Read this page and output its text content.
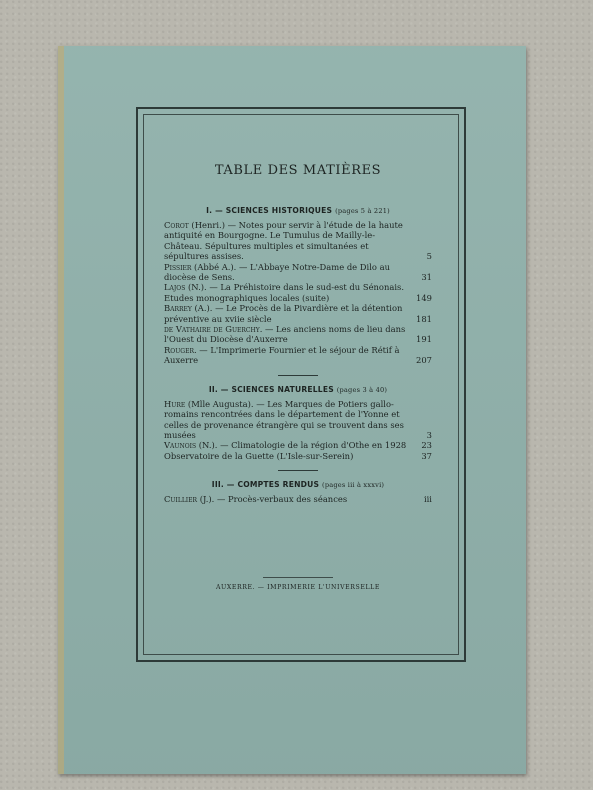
TABLE DES MATIÈRES

I. — SCIENCES HISTORIQUES (pages 5 à 221)

Corot (Henri.) — Notes pour servir à l'étude de la haute antiquité en Bourgogne. Le Tumulus de Mailly-le-Château. Sépultures multiples et simultanées et sépultures assises.	5
Pissier (Abbé A.). — L'Abbaye Notre-Dame de Dilo au diocèse de Sens.	31
Lajos (N.). — La Préhistoire dans le sud-est du Sénonais. Etudes monographiques locales (suite)	149
Barrey (A.). — Le Procès de la Pivardière et la détention préventive au xviie siècle	181
de Vathaire de Guerchy. — Les anciens noms de lieu dans l'Ouest du Diocèse d'Auxerre	191
Rouger. — L'Imprimerie Fournier et le séjour de Rétif à Auxerre	207

II. — SCIENCES NATURELLES (pages 3 à 40)

Hure (Mlle Augusta). — Les Marques de Potiers gallo-romains rencontrées dans le département de l'Yonne et celles de provenance étrangère qui se trouvent dans ses musées	3
Vaunois (N.). — Climatologie de la région d'Othe en 1928	23
Observatoire de la Guette (L'Isle-sur-Serein)	37

III. — COMPTES RENDUS (pages iii à xxxvi)

Cuillier (J.). — Procès-verbaux des séances	iii
AUXERRE. — IMPRIMERIE L'UNIVERSELLE
